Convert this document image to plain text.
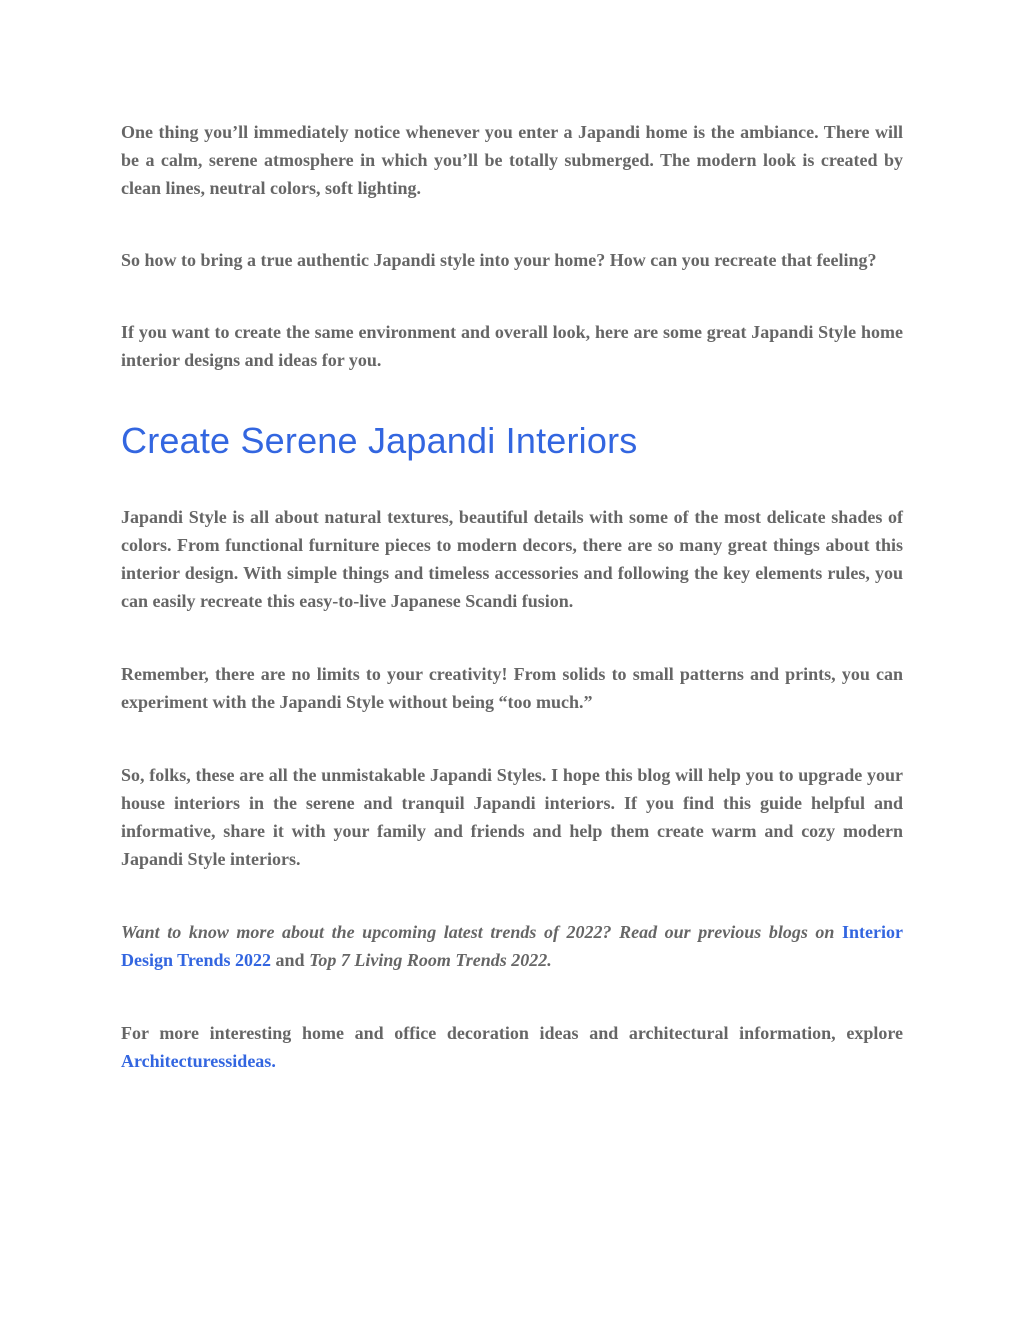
One thing you’ll immediately notice whenever you enter a Japandi home is the ambiance. There will be a calm, serene atmosphere in which you’ll be totally submerged. The modern look is created by clean lines, neutral colors, soft lighting.

So how to bring a true authentic Japandi style into your home? How can you recreate that feeling?

If you want to create the same environment and overall look, here are some great Japandi Style home interior designs and ideas for you.

Create Serene Japandi Interiors

Japandi Style is all about natural textures, beautiful details with some of the most delicate shades of colors. From functional furniture pieces to modern decors, there are so many great things about this interior design. With simple things and timeless accessories and following the key elements rules, you can easily recreate this easy-to-live Japanese Scandi fusion.

Remember, there are no limits to your creativity! From solids to small patterns and prints, you can experiment with the Japandi Style without being “too much.”

So, folks, these are all the unmistakable Japandi Styles. I hope this blog will help you to upgrade your house interiors in the serene and tranquil Japandi interiors. If you find this guide helpful and informative, share it with your family and friends and help them create warm and cozy modern Japandi Style interiors.

Want to know more about the upcoming latest trends of 2022? Read our previous blogs on Interior Design Trends 2022 and Top 7 Living Room Trends 2022.

For more interesting home and office decoration ideas and architectural information, explore Architecturessideas.
